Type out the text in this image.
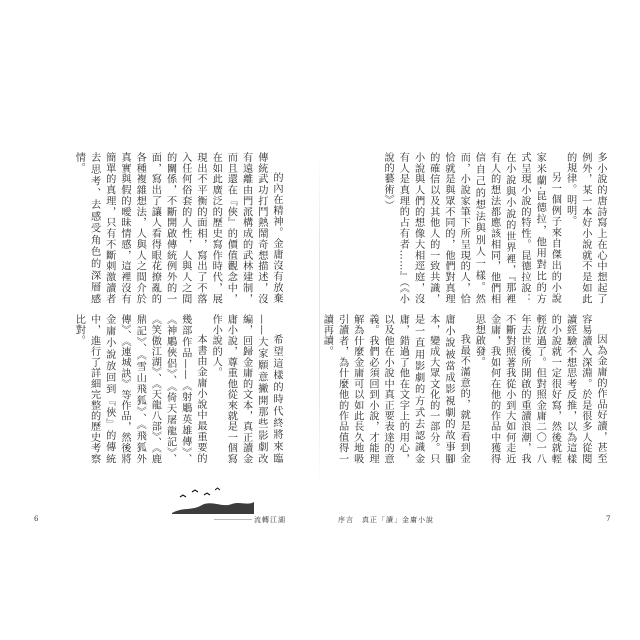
的內在精神。金庸沒有放棄傳統武功打鬥熱鬧奇想描述，沒有遠離由門派構成的武林建制，而且還在『俠』的價值觀念中，在如此廣泛的歷史寫作時代，展現出不平衡的面相，寫出了不落入任何俗套的人性，人與人之間的關係，不斷開啟傳統例外的一面，寫出了讓人看得眼花撩亂的各種複雜想法，人與人之間介於真實與假的曖昧情感，這裡沒有簡單的真理，只有不斷刺激讀者去思考、去感受角色的深層感情。

希望這樣的時代終將來臨——大家願意撇開那些影劇改編，回歸金庸的文本，真正讀金庸小說，尊重他從來就是一個寫作小說的人。

本書由金庸小說中最重要的幾部作品——《射鵰英雄傳》、《神鵰俠侶》、《倚天屠龍記》、《笑傲江湖》、《天龍八部》、《鹿鼎記》、《雪山飛狐》、《飛狐外傳》、《連城訣》等作品，然後將金庸小說放回到『俠』的傳統中，進行了詳細完整的歷史考察比對。

流轉江湖
6

多小說的唐詩寫上在心中想起了例外，某一本好小說就不是如此的規律。明明。

另一個例子來自傑出的小說家米蘭‧昆德拉，他用對比的方式呈現小說的特性。昆德拉說：在小說與小說的世界裡，『那裡有人的想法都應該相同，他們相信自己的想法與別人一樣。然而，小說家筆下所呈現的人，恰恰就是與眾不同的，他們對真理的確信以及其他人的一致共識，小說與人們的想像大相逕庭，沒有人是真理的占有者……』（《小說的藝術》）

因為金庸的作品好讀，甚至容易讀入深淵。於是很多人從閱讀經驗不想思考反推，以為這樣的小說就一定很好寫，然後就輕輕放過了。但對照金庸二〇一八年去世後所開啟的重讀浪潮，我不斷對照著我從小到大如何走近金庸，我如何在他的作品中獲得思想啟發。

我最不滿意的，就是看到金庸小說被當成影視劇的故事腳本，變成大眾文化的一部分。只是一直用影劇的方式去認識金庸，錯過了他在文字上的用心，以及他在小說中真正要表達的意義。我們必須回到小說，才能理解為什麼金庸可以如此長久地吸引讀者，為什麼他的作品值得一讀再讀。

序言　真正「讀」金庸小說	7
